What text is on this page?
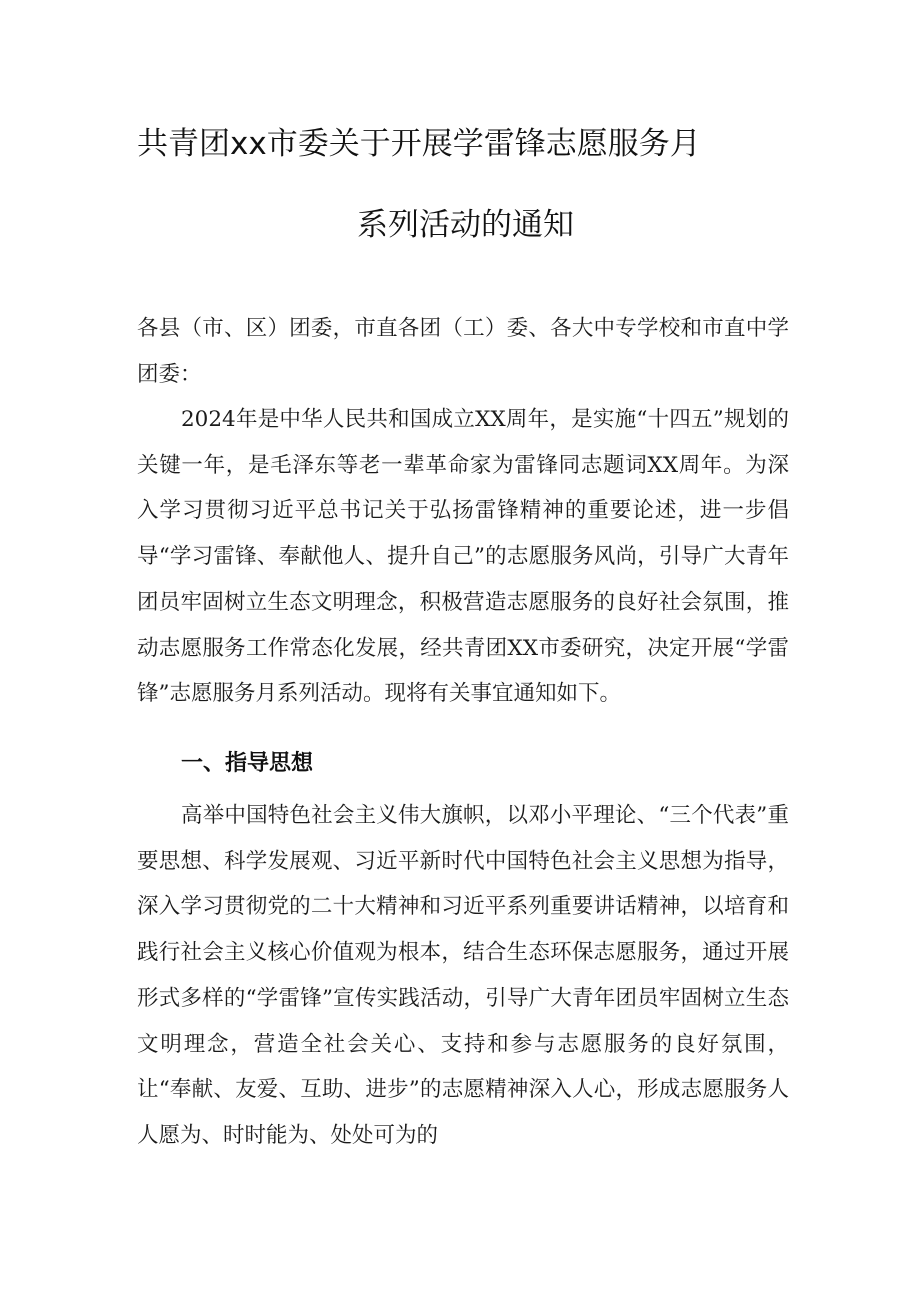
共青团xx市委关于开展学雷锋志愿服务月
系列活动的通知

各县（市、区）团委，市直各团（工）委、各大中专学校和市直中学团委：

2024年是中华人民共和国成立XX周年，是实施“十四五”规划的关键一年，是毛泽东等老一辈革命家为雷锋同志题词XX周年。为深入学习贯彻习近平总书记关于弘扬雷锋精神的重要论述，进一步倡导“学习雷锋、奉献他人、提升自己”的志愿服务风尚，引导广大青年团员牢固树立生态文明理念，积极营造志愿服务的良好社会氛围，推动志愿服务工作常态化发展，经共青团XX市委研究，决定开展“学雷锋”志愿服务月系列活动。现将有关事宜通知如下。

一、指导思想

高举中国特色社会主义伟大旗帜，以邓小平理论、“三个代表”重要思想、科学发展观、习近平新时代中国特色社会主义思想为指导，深入学习贯彻党的二十大精神和习近平系列重要讲话精神，以培育和践行社会主义核心价值观为根本，结合生态环保志愿服务，通过开展形式多样的“学雷锋”宣传实践活动，引导广大青年团员牢固树立生态文明理念，营造全社会关心、支持和参与志愿服务的良好氛围，让“奉献、友爱、互助、进步”的志愿精神深入人心，形成志愿服务人人愿为、时时能为、处处可为的
